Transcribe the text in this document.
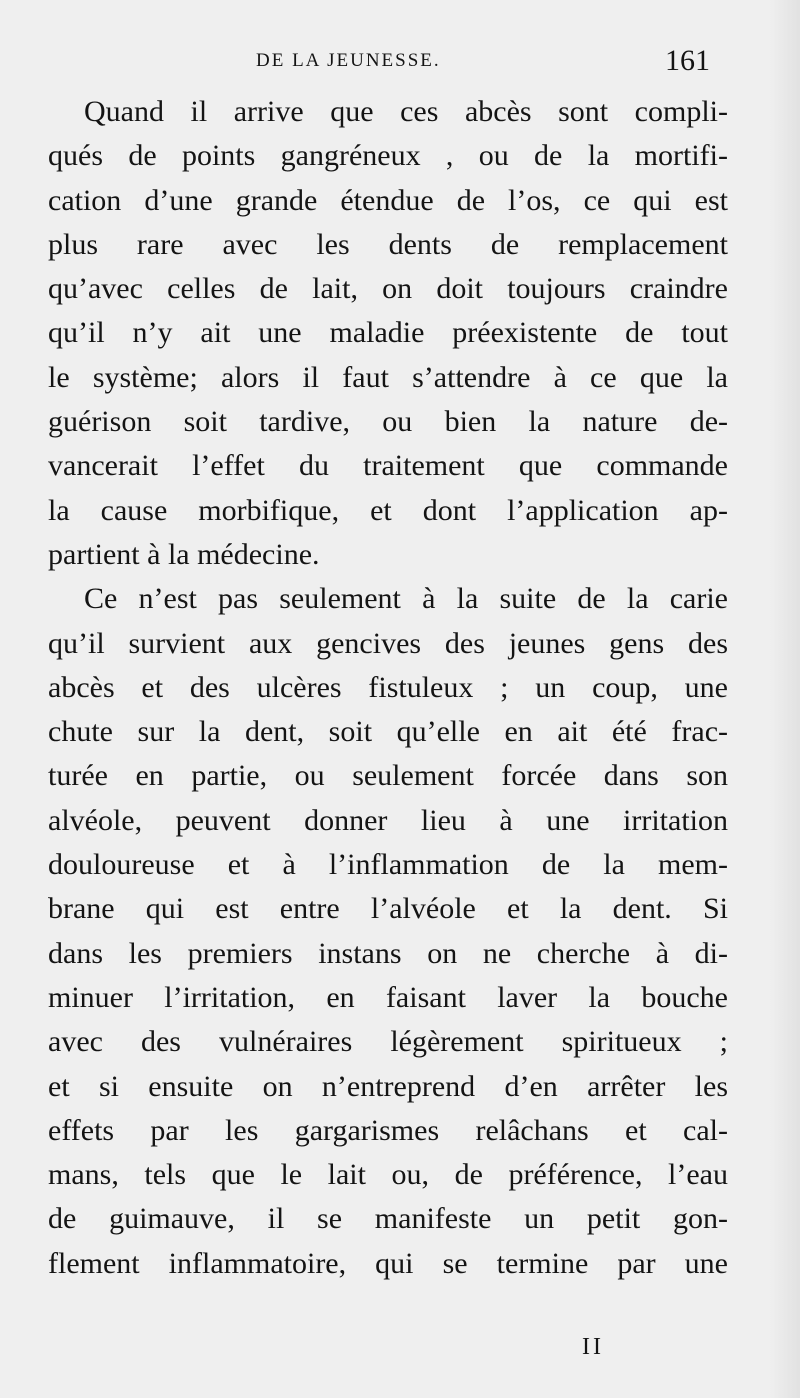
DE LA JEUNESSE.	161
Quand il arrive que ces abcès sont compli-
qués de points gangréneux , ou de la mortifi-
cation d’une grande étendue de l’os, ce qui est
plus rare avec les dents de remplacement
qu’avec celles de lait, on doit toujours craindre
qu’il n’y ait une maladie préexistente de tout
le système; alors il faut s’attendre à ce que la
guérison soit tardive, ou bien la nature de-
vancerait l’effet du traitement que commande
la cause morbifique, et dont l’application ap-
partient à la médecine.
Ce n’est pas seulement à la suite de la carie
qu’il survient aux gencives des jeunes gens des
abcès et des ulcères fistuleux ; un coup, une
chute sur la dent, soit qu’elle en ait été frac-
turée en partie, ou seulement forcée dans son
alvéole, peuvent donner lieu à une irritation
douloureuse et à l’inflammation de la mem-
brane qui est entre l’alvéole et la dent. Si
dans les premiers instans on ne cherche à di-
minuer l’irritation, en faisant laver la bouche
avec des vulnéraires légèrement spiritueux ;
et si ensuite on n’entreprend d’en arrêter les
effets par les gargarismes relâchans et cal-
mans, tels que le lait ou, de préférence, l’eau
de guimauve, il se manifeste un petit gon-
flement inflammatoire, qui se termine par une
II
